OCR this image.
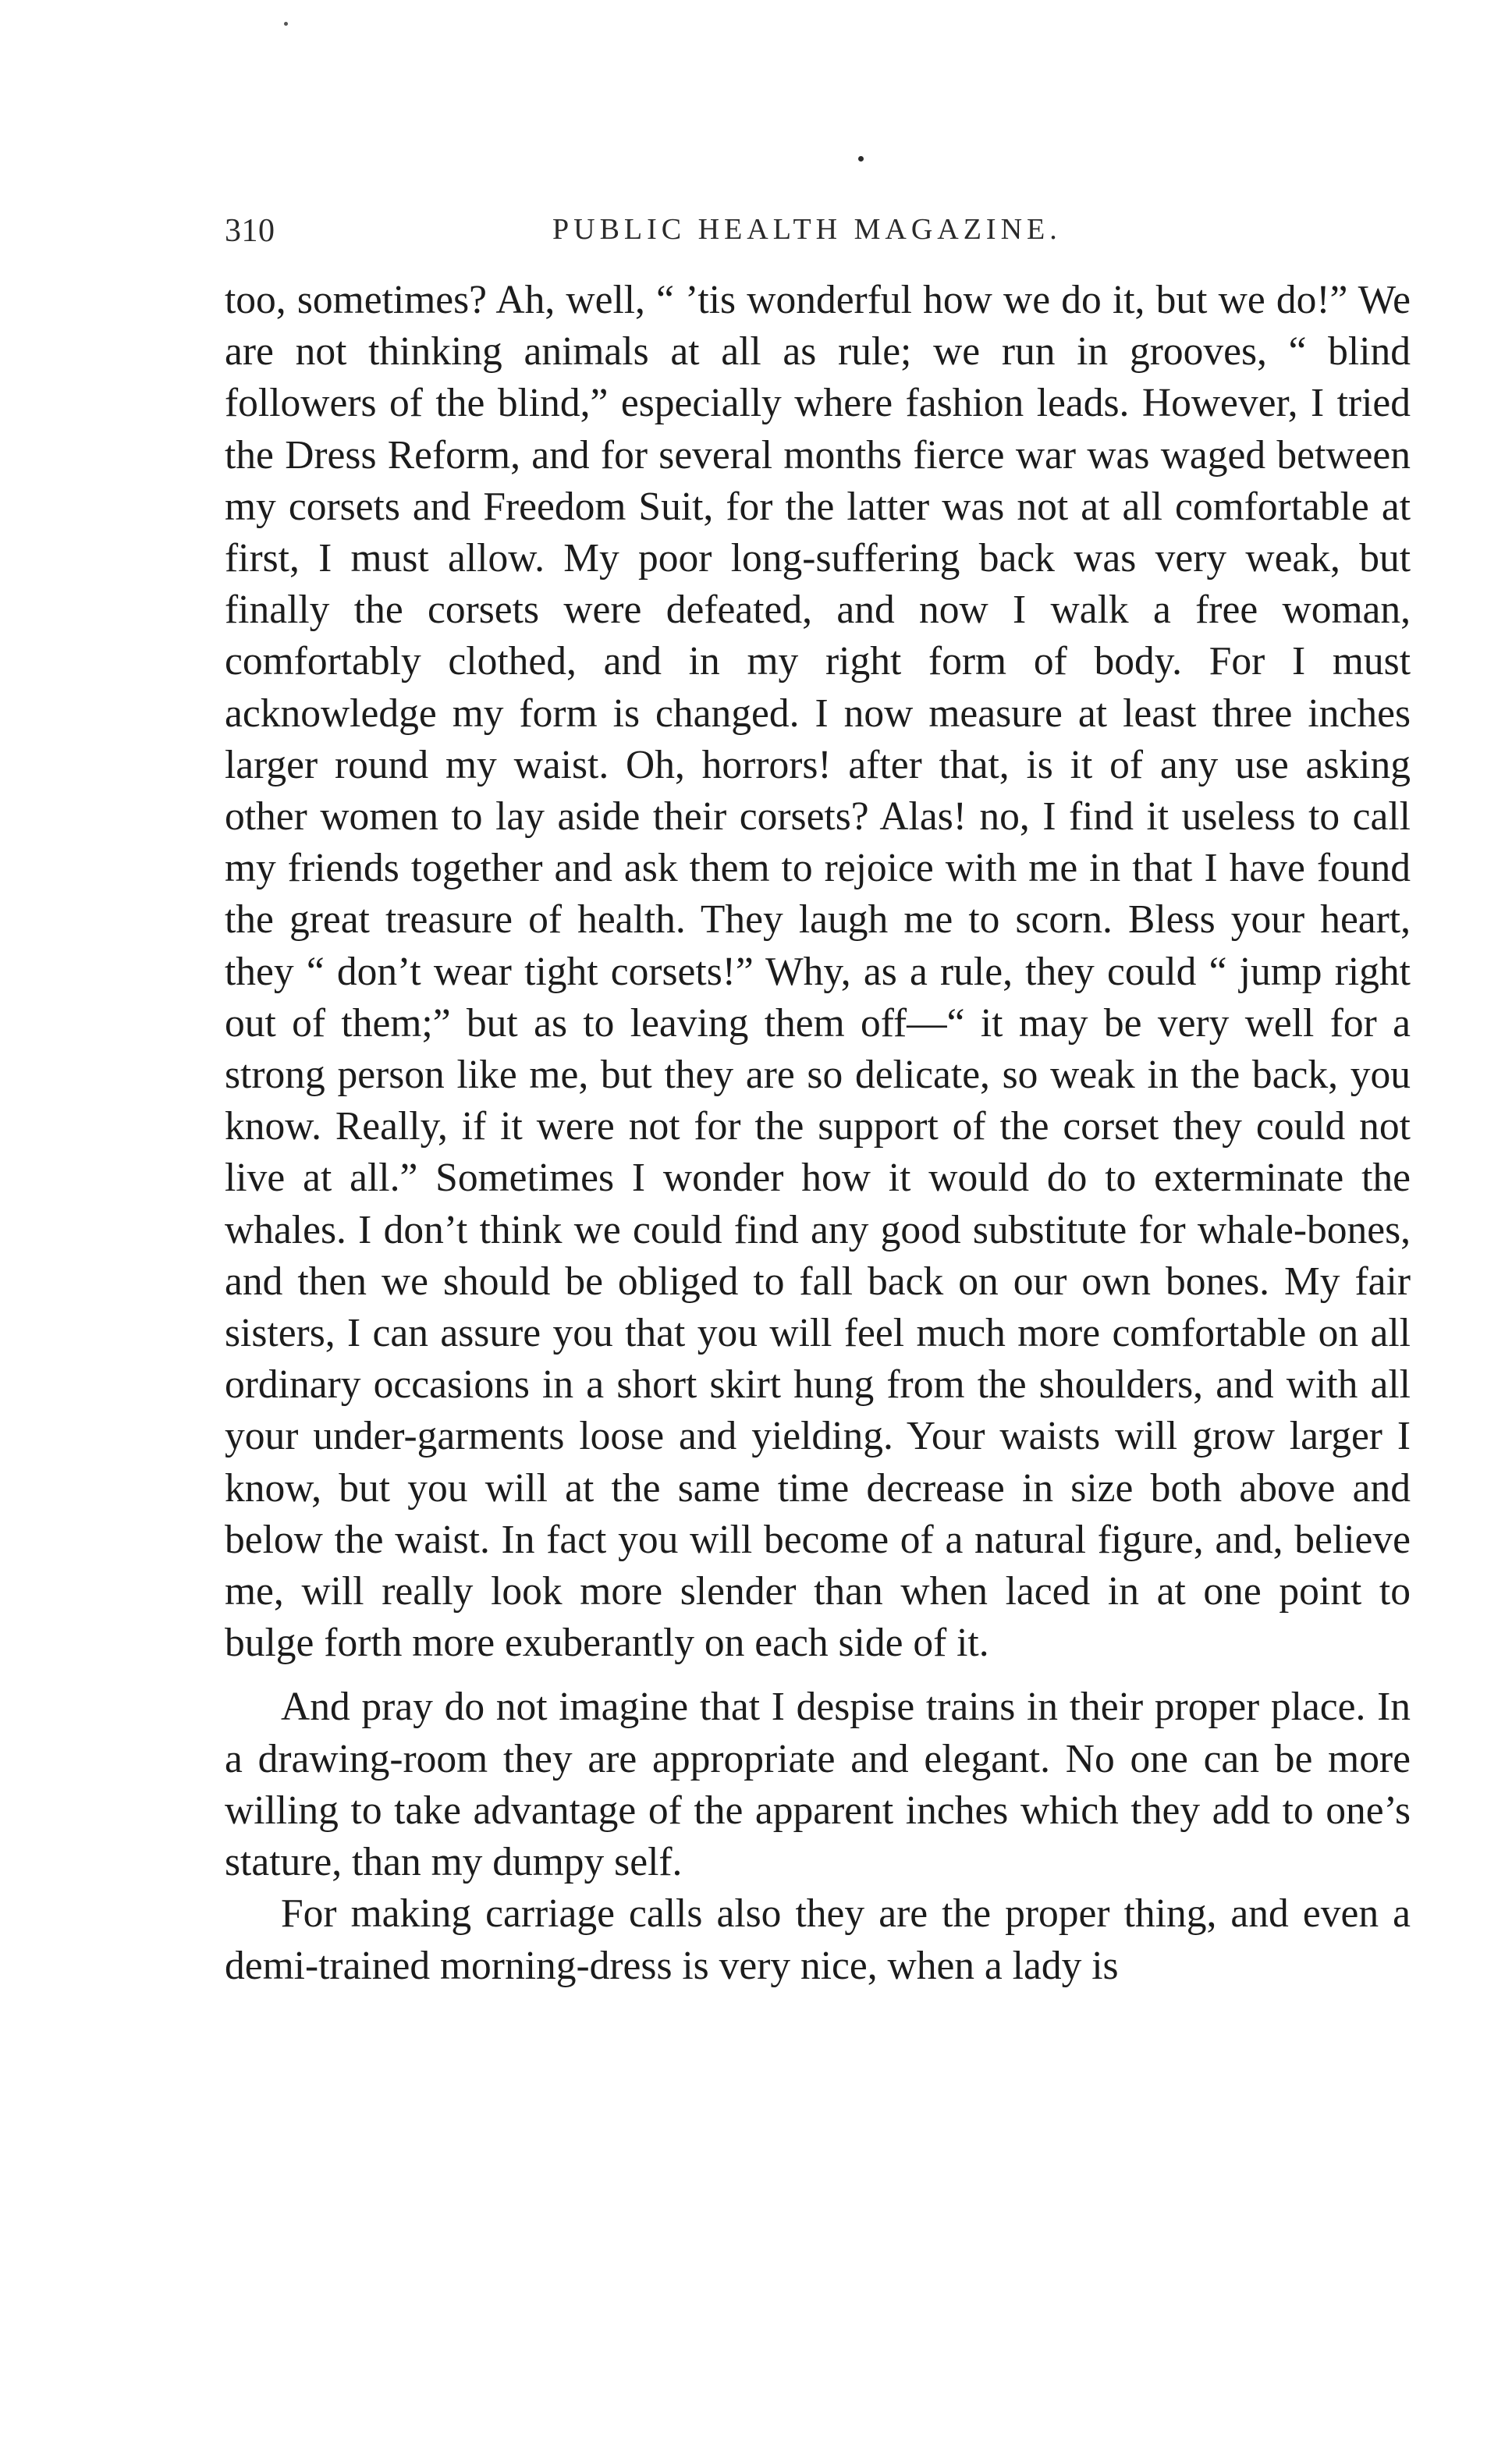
310	PUBLIC HEALTH MAGAZINE.

too, sometimes? Ah, well, “ ’tis wonderful how we do it, but we do!” We are not thinking animals at all as rule; we run in grooves, “ blind followers of the blind,” especially where fashion leads. However, I tried the Dress Reform, and for several months fierce war was waged between my corsets and Freedom Suit, for the latter was not at all comfortable at first, I must allow. My poor long-suffering back was very weak, but finally the corsets were defeated, and now I walk a free woman, comfortably clothed, and in my right form of body. For I must acknowledge my form is changed. I now measure at least three inches larger round my waist. Oh, horrors! after that, is it of any use asking other women to lay aside their corsets? Alas! no, I find it useless to call my friends together and ask them to rejoice with me in that I have found the great treasure of health. They laugh me to scorn. Bless your heart, they “ don’t wear tight corsets!” Why, as a rule, they could “ jump right out of them;” but as to leaving them off—“ it may be very well for a strong person like me, but they are so delicate, so weak in the back, you know. Really, if it were not for the support of the corset they could not live at all.” Sometimes I wonder how it would do to exterminate the whales. I don’t think we could find any good substitute for whale-bones, and then we should be obliged to fall back on our own bones. My fair sisters, I can assure you that you will feel much more comfortable on all ordinary occasions in a short skirt hung from the shoulders, and with all your under-garments loose and yielding. Your waists will grow larger I know, but you will at the same time decrease in size both above and below the waist. In fact you will become of a natural figure, and, believe me, will really look more slender than when laced in at one point to bulge forth more exuberantly on each side of it.

And pray do not imagine that I despise trains in their proper place. In a drawing-room they are appropriate and elegant. No one can be more willing to take advantage of the apparent inches which they add to one’s stature, than my dumpy self.

For making carriage calls also they are the proper thing, and even a demi-trained morning-dress is very nice, when a lady is
